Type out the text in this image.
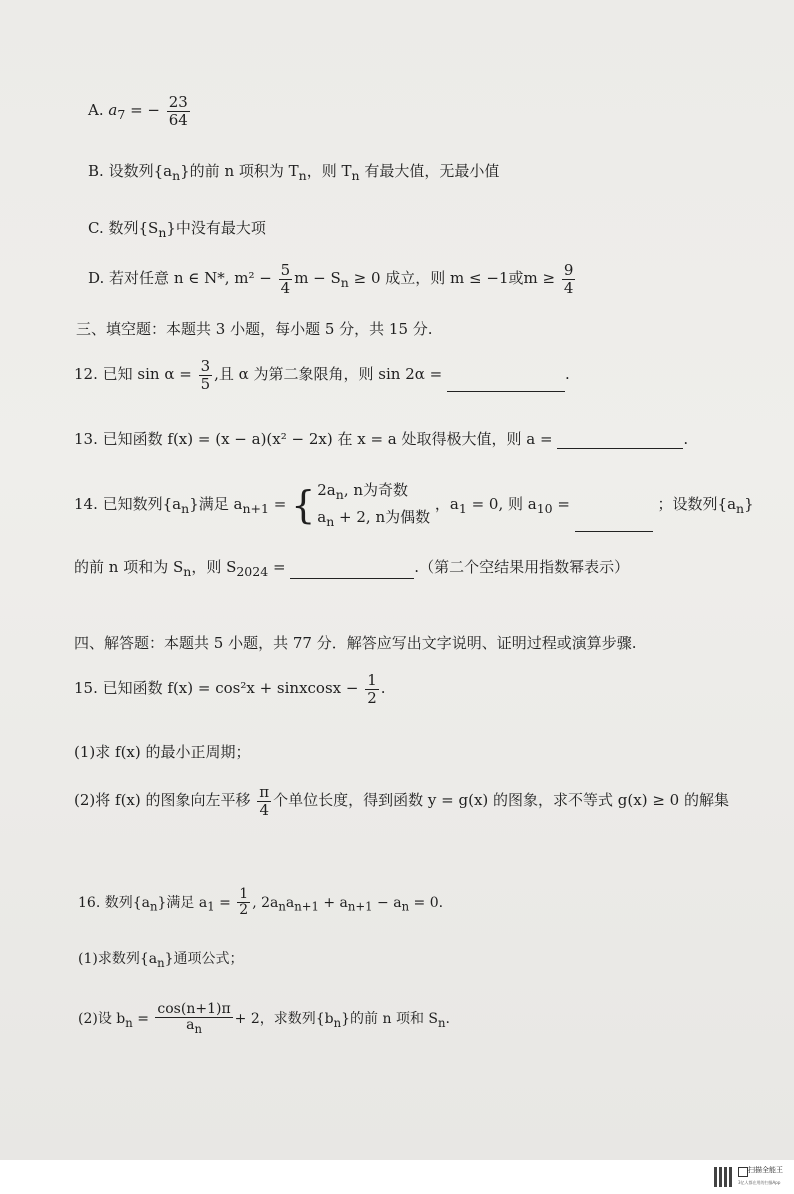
A. $a_7$ = − $\frac{23}{64}$
B. 设数列$\{a_n\}$的前 n 项积为 $T_n$，则 $T_n$ 有最大值，无最小值
C. 数列$\{S_n\}$中没有最大项
D. 若对任意 n ∈ N*, $m^2 - \frac{5}{4}$ $m - S_n \ge 0$ 成立，则 m ≤ −1或$m \ge \frac{9}{4}$
三、填空题：本题共 3 小题，每小题 5 分，共 15 分.
12. 已知 $\sin \alpha = \frac{3}{5}$ ,且 α 为第二象限角，则 sin 2α =	.
13. 已知函数 f(x) = (x − a)(x² − 2x) 在 x = a 处取得极大值，则 a =	.
14. 已知数列$\{a_n\}$满足 $a_{n+1}$ = { $2a_n$, n为奇数
$a_n + 2$, n为偶数
，$a_1 = 0$, 则 $a_{10}$ =	；设数列$\{a_n\}$
的前 n 项和为 $S_n$，则 $S_{2024}$ =	.（第二个空结果用指数幂表示）
四、解答题：本题共 5 小题，共 77 分．解答应写出文字说明、证明过程或演算步骤.
15. 已知函数 f(x) = cos²x + sinxcosx − $\frac{1}{2}$ .
(1)求 f(x) 的最小正周期；
(2)将 f(x) 的图象向左平移 $\frac{\pi}{4}$ 个单位长度，得到函数 y = g(x) 的图象，求不等式 g(x) ≥ 0 的解集
16. 数列$\{a_n\}$满足 $a_1 = \frac{1}{2}$ , $2a_na_{n+1} + a_{n+1} - a_n = 0$.
(1)求数列$\{a_n\}$通项公式；
(2)设 $b_n = \frac{\cos(n+1)\pi}{a_n} + 2$，求数列$\{b_n\}$的前 n 项和 $S_n$.
扫描全能王
3亿人都在用的扫描App
